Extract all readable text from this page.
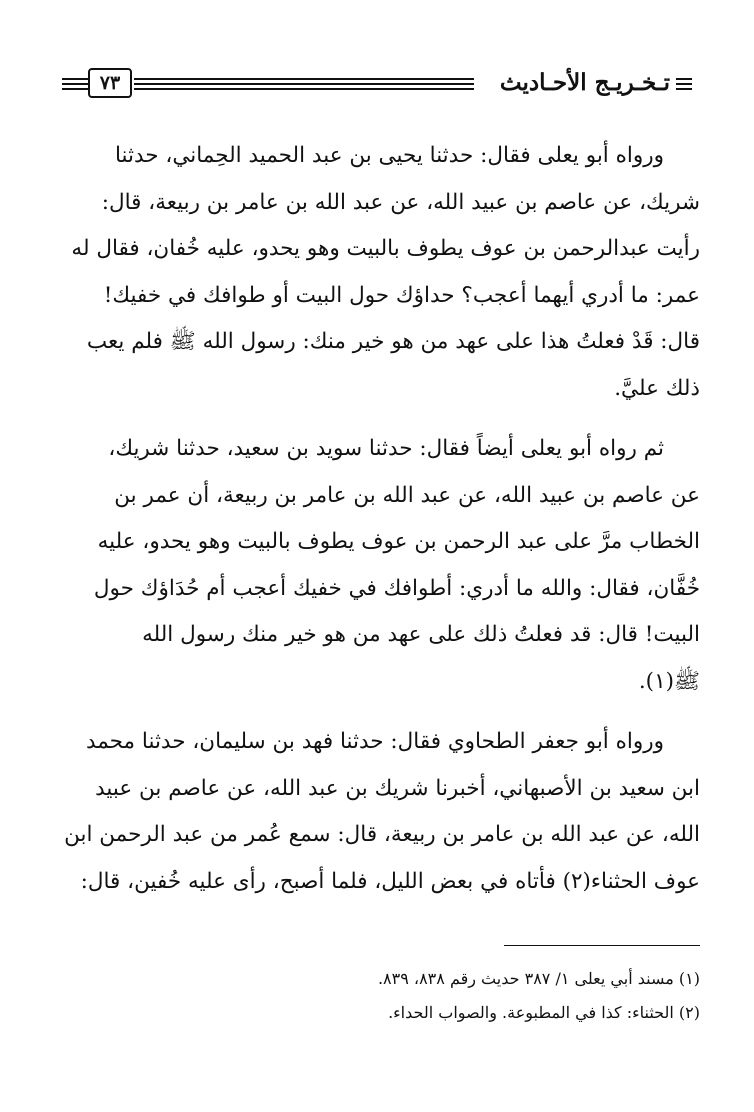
تـخـريـج الأحـاديث
٧٣
ورواه أبو يعلى فقال: حدثنا يحيى بن عبد الحميد الحِماني، حدثنا
شريك، عن عاصم بن عبيد الله، عن عبد الله بن عامر بن ربيعة، قال:
رأيت عبدالرحمن بن عوف يطوف بالبيت وهو يحدو، عليه خُفان، فقال له
عمر: ما أدري أيهما أعجب؟ حداؤك حول البيت أو طوافك في خفيك!
قال: قَدْ فعلتُ هذا على عهد من هو خير منك: رسول الله ﷺ فلم يعب
ذلك عليَّ.
ثم رواه أبو يعلى أيضاً فقال: حدثنا سويد بن سعيد، حدثنا شريك،
عن عاصم بن عبيد الله، عن عبد الله بن عامر بن ربيعة، أن عمر بن
الخطاب مرَّ على عبد الرحمن بن عوف يطوف بالبيت وهو يحدو، عليه
خُفَّان، فقال: والله ما أدري: أطوافك في خفيك أعجب أم حُدَاؤك حول
البيت! قال: قد فعلتُ ذلك على عهد من هو خير منك رسول الله
ﷺ(١).
ورواه أبو جعفر الطحاوي فقال: حدثنا فهد بن سليمان، حدثنا محمد
ابن سعيد بن الأصبهاني، أخبرنا شريك بن عبد الله، عن عاصم بن عبيد
الله، عن عبد الله بن عامر بن ربيعة، قال: سمع عُمر من عبد الرحمن ابن
عوف الحثناء(٢) فأتاه في بعض الليل، فلما أصبح، رأى عليه خُفين، قال:
(١) مسند أبي يعلى ١/ ٣٨٧ حديث رقم ٨٣٨، ٨٣٩.
(٢) الحثناء: كذا في المطبوعة. والصواب الحداء.
